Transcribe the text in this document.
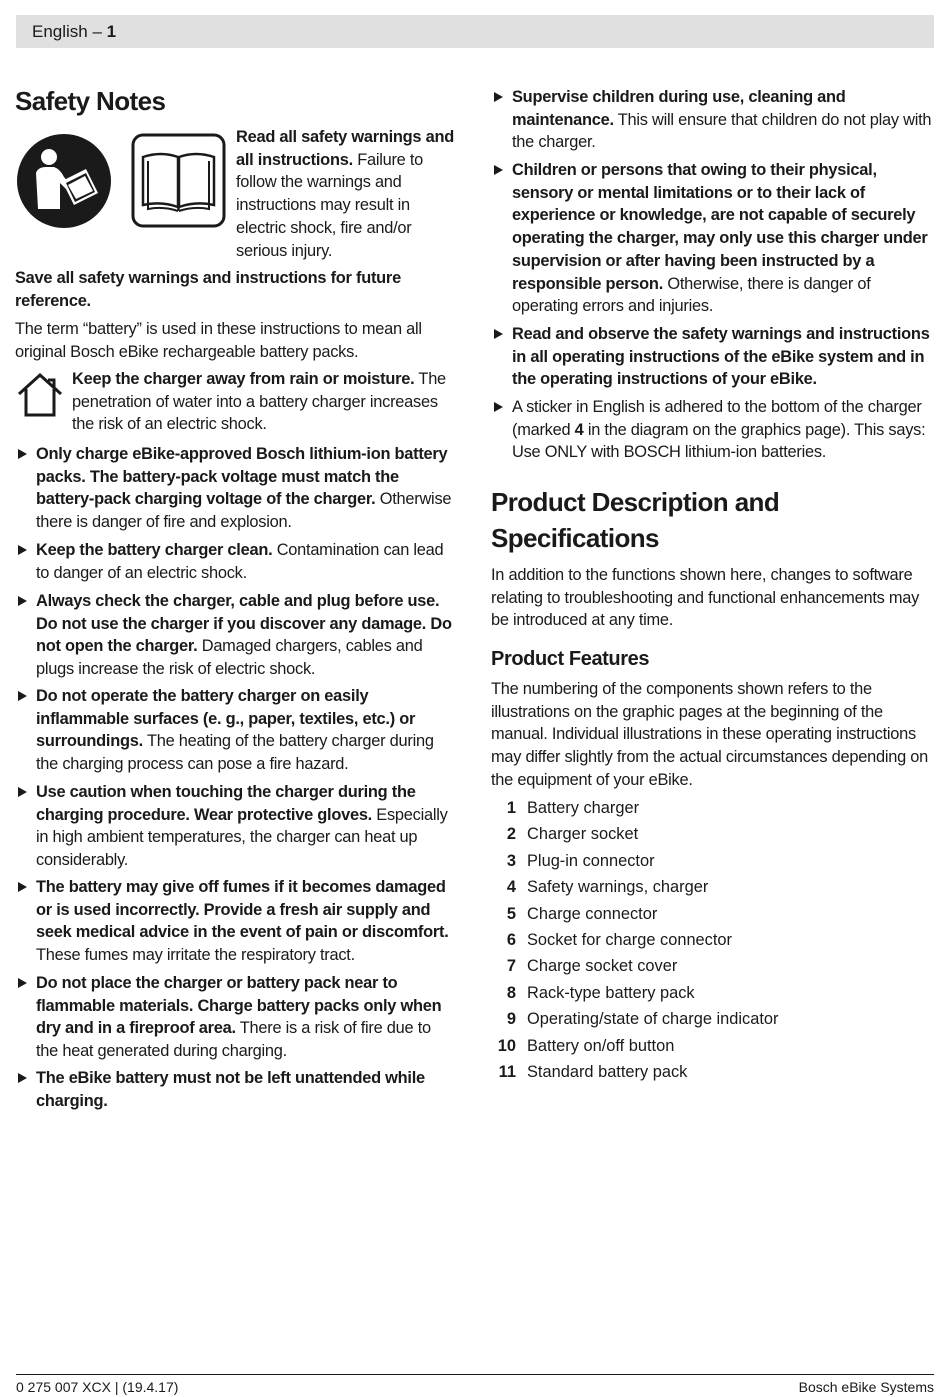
English – 1
Safety Notes
Read all safety warnings and all instructions. Failure to follow the warnings and instructions may result in electric shock, fire and/or serious injury.
Save all safety warnings and instructions for future reference.
The term “battery” is used in these instructions to mean all original Bosch eBike rechargeable battery packs.
Keep the charger away from rain or moisture. The penetration of water into a battery charger increases the risk of an electric shock.
Only charge eBike-approved Bosch lithium-ion battery packs. The battery-pack voltage must match the battery-pack charging voltage of the charger. Otherwise there is danger of fire and explosion.
Keep the battery charger clean. Contamination can lead to danger of an electric shock.
Always check the charger, cable and plug before use. Do not use the charger if you discover any damage. Do not open the charger. Damaged chargers, cables and plugs increase the risk of electric shock.
Do not operate the battery charger on easily inflammable surfaces (e. g., paper, textiles, etc.) or surroundings. The heating of the battery charger during the charging process can pose a fire hazard.
Use caution when touching the charger during the charging procedure. Wear protective gloves. Especially in high ambient temperatures, the charger can heat up considerably.
The battery may give off fumes if it becomes damaged or is used incorrectly. Provide a fresh air supply and seek medical advice in the event of pain or discomfort. These fumes may irritate the respiratory tract.
Do not place the charger or battery pack near to flammable materials. Charge battery packs only when dry and in a fireproof area. There is a risk of fire due to the heat generated during charging.
The eBike battery must not be left unattended while charging.
Supervise children during use, cleaning and maintenance. This will ensure that children do not play with the charger.
Children or persons that owing to their physical, sensory or mental limitations or to their lack of experience or knowledge, are not capable of securely operating the charger, may only use this charger under supervision or after having been instructed by a responsible person. Otherwise, there is danger of operating errors and injuries.
Read and observe the safety warnings and instructions in all operating instructions of the eBike system and in the operating instructions of your eBike.
A sticker in English is adhered to the bottom of the charger (marked 4 in the diagram on the graphics page). This says: Use ONLY with BOSCH lithium-ion batteries.
Product Description and
Specifications
In addition to the functions shown here, changes to software relating to troubleshooting and functional enhancements may be introduced at any time.
Product Features
The numbering of the components shown refers to the illustrations on the graphic pages at the beginning of the manual. Individual illustrations in these operating instructions may differ slightly from the actual circumstances depending on the equipment of your eBike.
1 Battery charger
2 Charger socket
3 Plug-in connector
4 Safety warnings, charger
5 Charge connector
6 Socket for charge connector
7 Charge socket cover
8 Rack-type battery pack
9 Operating/state of charge indicator
10 Battery on/off button
11 Standard battery pack
0 275 007 XCX | (19.4.17)	Bosch eBike Systems
